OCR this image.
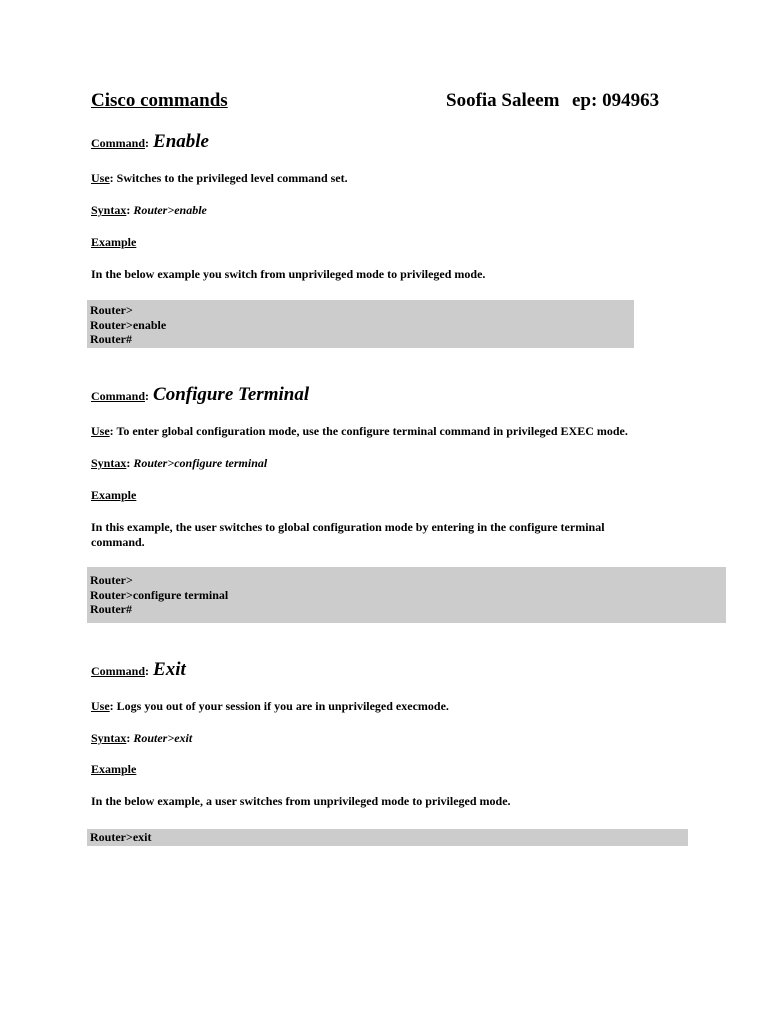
Cisco commands	Soofia Saleem ep: 094963
Command: Enable
Use: Switches to the privileged level command set.
Syntax: Router>enable
Example
In the below example you switch from unprivileged mode to privileged mode.
Router>
Router>enable
Router#
Command: Configure Terminal
Use: To enter global configuration mode, use the configure terminal command in privileged EXEC mode.
Syntax: Router>configure terminal
Example
In this example, the user switches to global configuration mode by entering in the configure terminal command.
Router>
Router>configure terminal
Router#
Command: Exit
Use: Logs you out of your session if you are in unprivileged execmode.
Syntax: Router>exit
Example
In the below example, a user switches from unprivileged mode to privileged mode.
Router>exit
